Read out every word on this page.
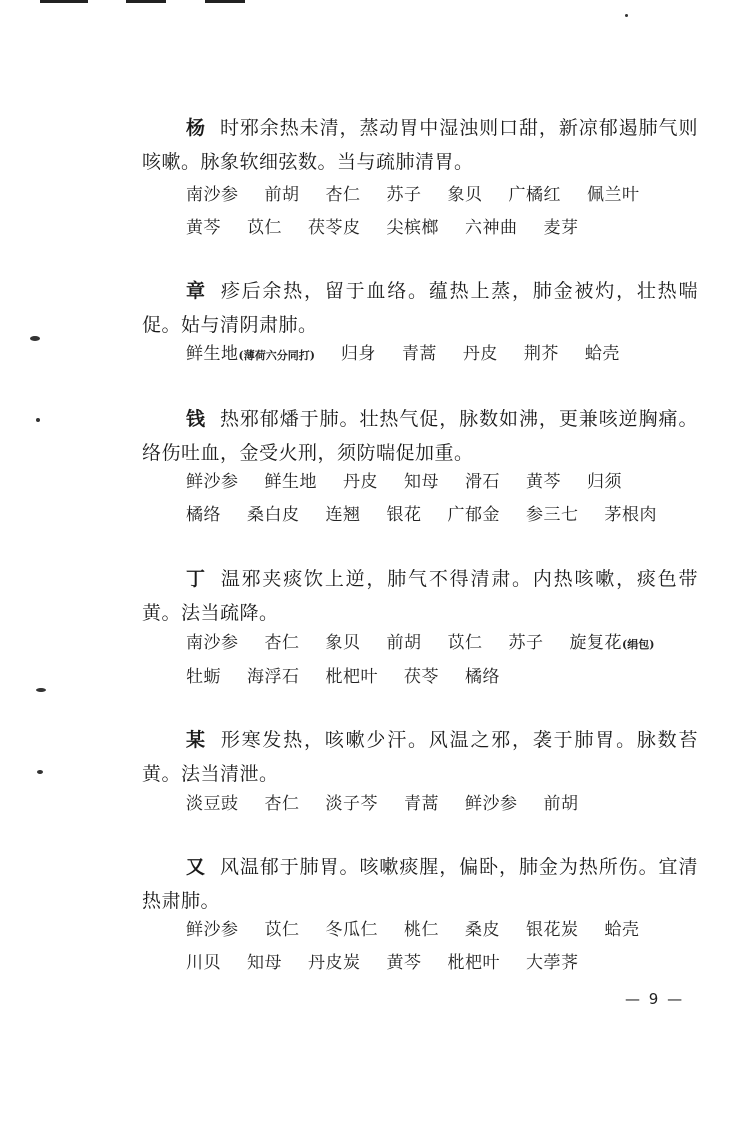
杨 时邪余热未清，蒸动胃中湿浊则口甜，新凉郁遏肺气则咳嗽。脉象软细弦数。当与疏肺清胃。

南沙参 前胡 杏仁 苏子 象贝 广橘红 佩兰叶黄芩 苡仁 茯苓皮 尖槟榔 六神曲 麦芽

章 疹后余热，留于血络。蕴热上蒸，肺金被灼，壮热喘促。姑与清阴肃肺。

鲜生地(薄荷六分同打) 归身 青蒿 丹皮 荆芥 蛤壳

钱 热邪郁燔于肺。壮热气促，脉数如沸，更兼咳逆胸痛。络伤吐血，金受火刑，须防喘促加重。

鲜沙参 鲜生地 丹皮 知母 滑石 黄芩 归须橘络 桑白皮 连翘 银花 广郁金 参三七 茅根肉

丁 温邪夹痰饮上逆，肺气不得清肃。内热咳嗽，痰色带黄。法当疏降。

南沙参 杏仁 象贝 前胡 苡仁 苏子 旋复花(绢包)牡蛎 海浮石 枇杷叶 茯苓 橘络

某 形寒发热，咳嗽少汗。风温之邪，袭于肺胃。脉数苔黄。法当清泄。

淡豆豉 杏仁 淡子芩 青蒿 鲜沙参 前胡

又 风温郁于肺胃。咳嗽痰腥，偏卧，肺金为热所伤。宜清热肃肺。

鲜沙参 苡仁 冬瓜仁 桃仁 桑皮 银花炭 蛤壳川贝 知母 丹皮炭 黄芩 枇杷叶 大荸荠
— 9 —
